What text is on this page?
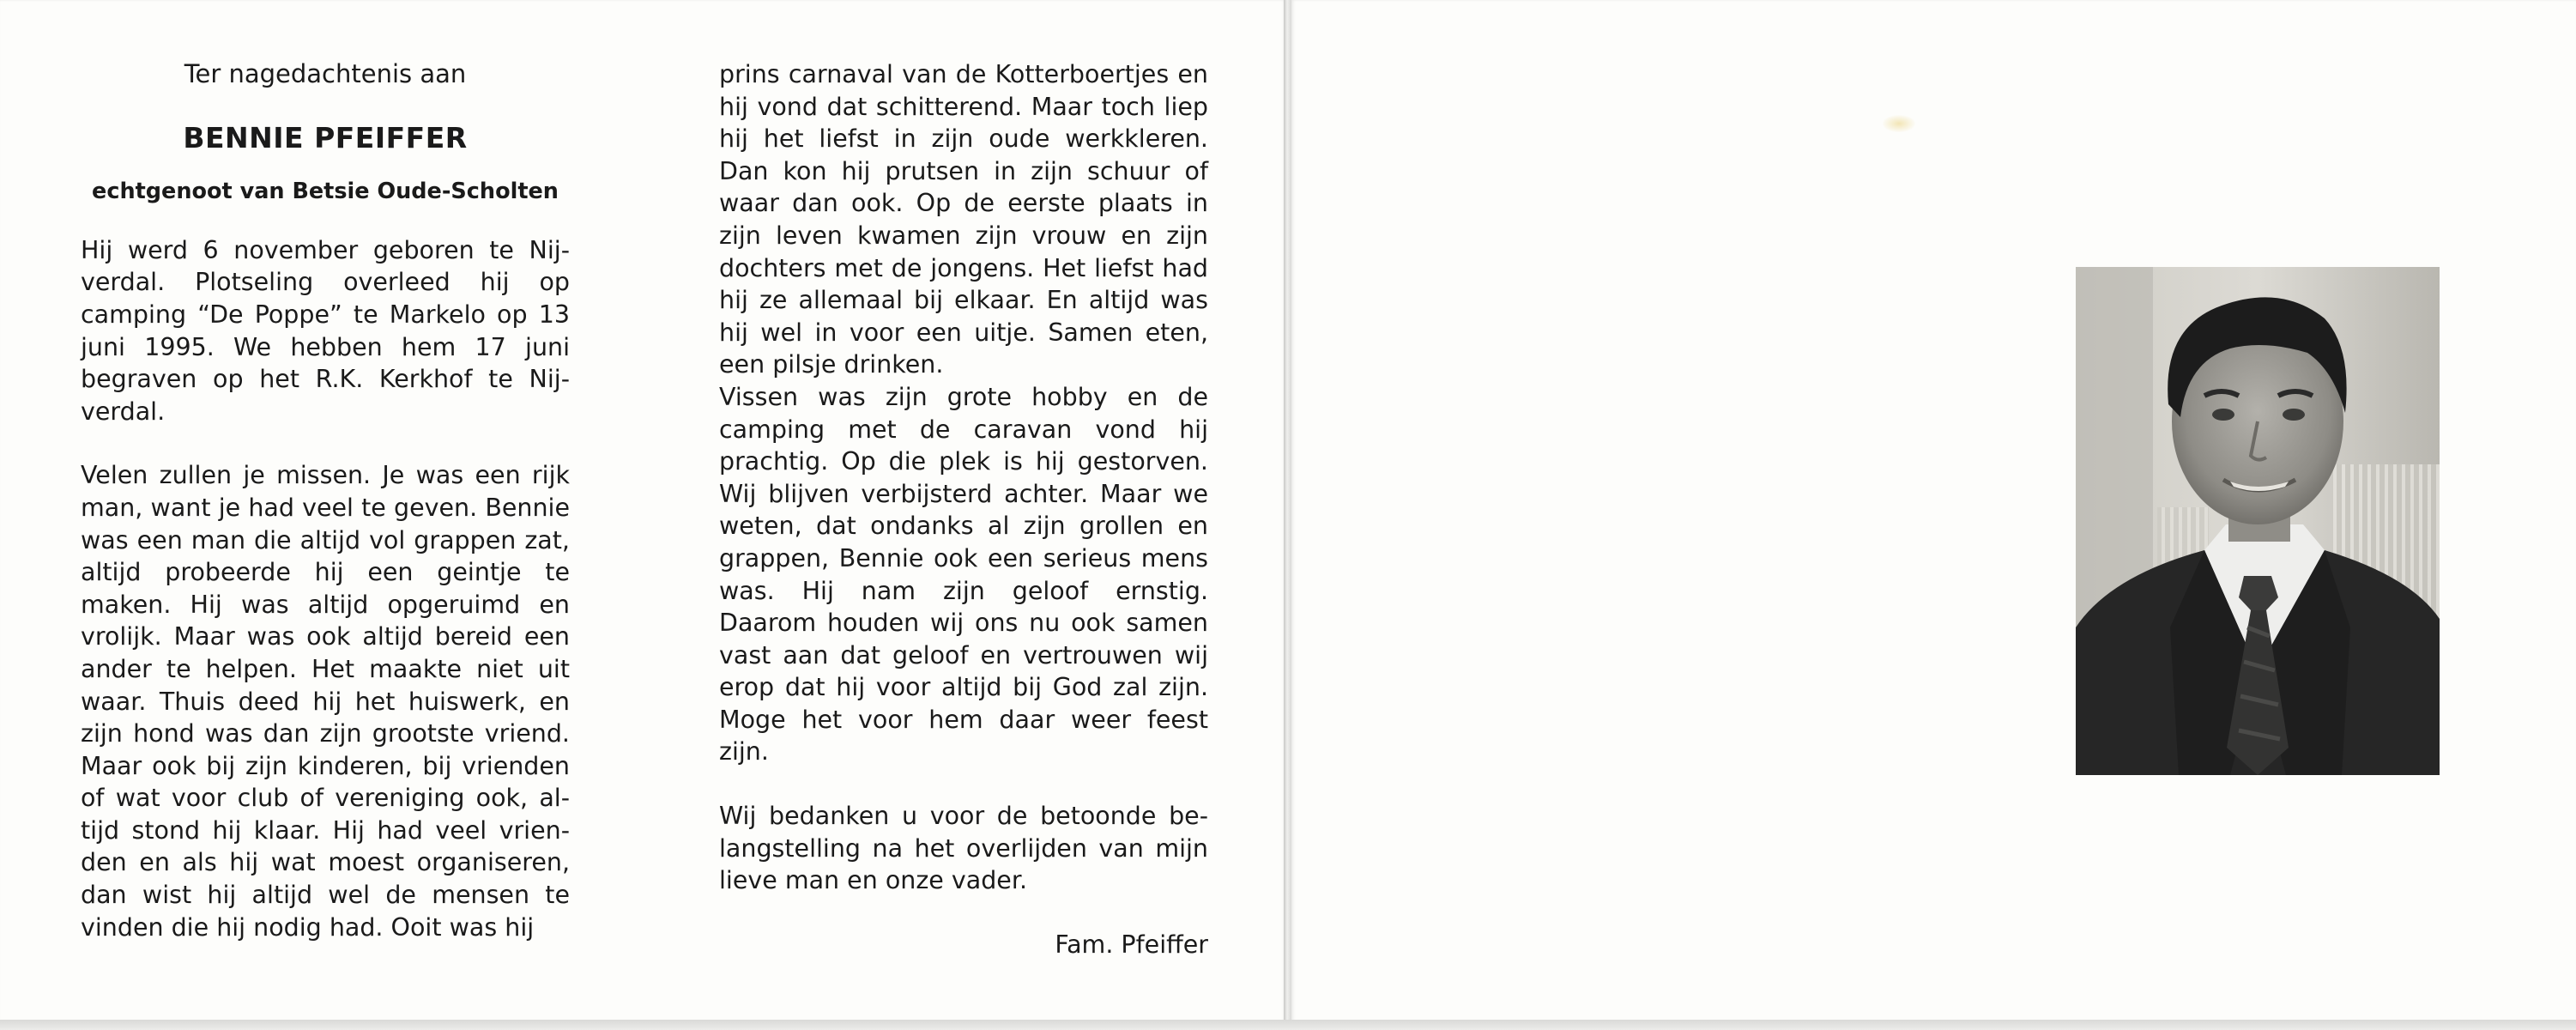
Ter nagedachtenis aan

BENNIE PFEIFFER

echtgenoot van Betsie Oude-Scholten

Hij werd 6 november geboren te Nijverdal. Plotseling overleed hij op camping “De Poppe” te Markelo op 13 juni 1995. We hebben hem 17 juni begraven op het R.K. Kerkhof te Nijverdal.

Velen zullen je missen. Je was een rijk man, want je had veel te geven. Bennie was een man die altijd vol grappen zat, altijd probeerde hij een geintje te maken. Hij was altijd opgeruimd en vrolijk. Maar was ook altijd bereid een ander te helpen. Het maakte niet uit waar. Thuis deed hij het huiswerk, en zijn hond was dan zijn grootste vriend. Maar ook bij zijn kinderen, bij vrienden of wat voor club of vereniging ook, altijd stond hij klaar. Hij had veel vrienden en als hij wat moest organiseren, dan wist hij altijd wel de mensen te vinden die hij nodig had. Ooit was hij

prins carnaval van de Kotterboertjes en hij vond dat schitterend. Maar toch liep hij het liefst in zijn oude werkkleren. Dan kon hij prutsen in zijn schuur of waar dan ook. Op de eerste plaats in zijn leven kwamen zijn vrouw en zijn dochters met de jongens. Het liefst had hij ze allemaal bij elkaar. En altijd was hij wel in voor een uitje. Samen eten, een pilsje drinken.

Vissen was zijn grote hobby en de camping met de caravan vond hij prachtig. Op die plek is hij gestorven. Wij blijven verbijsterd achter. Maar we weten, dat ondanks al zijn grollen en grappen, Bennie ook een serieus mens was. Hij nam zijn geloof ernstig. Daarom houden wij ons nu ook samen vast aan dat geloof en vertrouwen wij erop dat hij voor altijd bij God zal zijn. Moge het voor hem daar weer feest zijn.

Wij bedanken u voor de betoonde belangstelling na het overlijden van mijn lieve man en onze vader.

Fam. Pfeiffer
